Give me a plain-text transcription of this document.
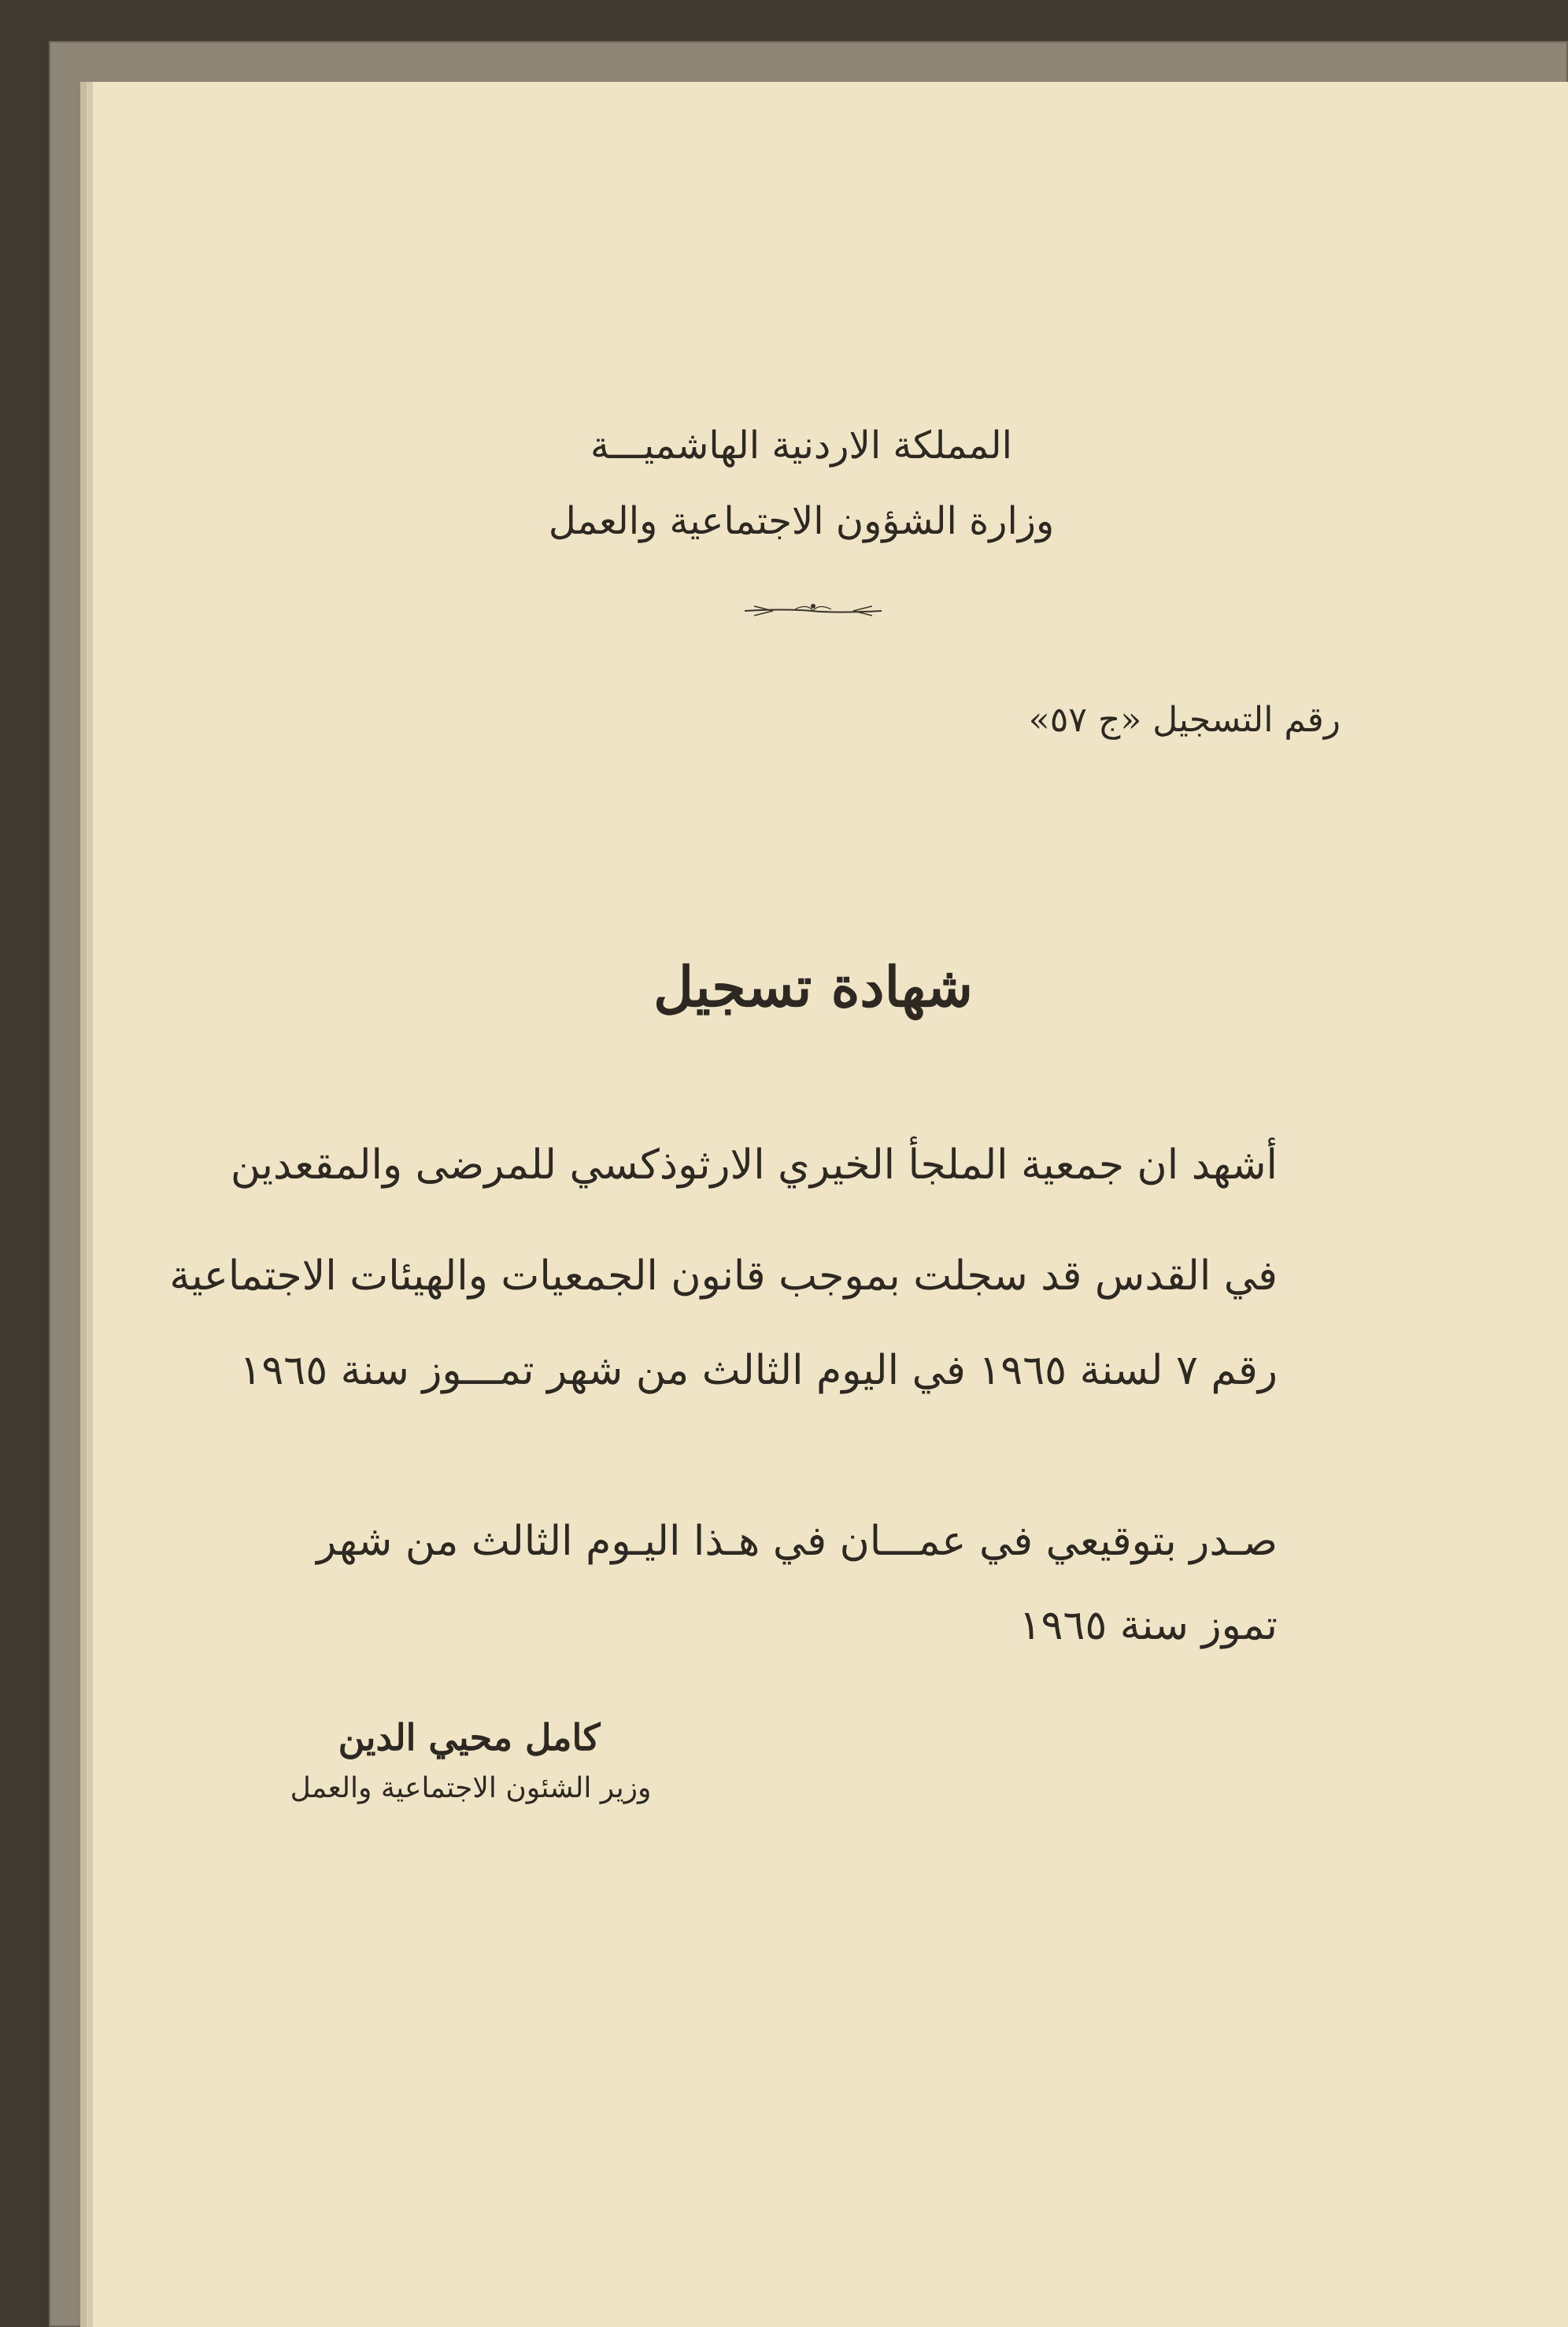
المملكة الاردنية الهاشميـــة
وزارة الشؤون الاجتماعية والعمل
رقم التسجيل «ج ٥٧»
شهادة تسجيل
أشهد ان جمعية الملجأ الخيري الارثوذكسي للمرضى والمقعدين
في القدس قد سجلت بموجب قانون الجمعيات والهيئات الاجتماعية
رقم ٧ لسنة ١٩٦٥ في اليوم الثالث من شهر تمـــوز سنة ١٩٦٥
صـدر بتوقيعي في عمـــان في هـذا اليـوم الثالث من شهر
تموز سنة ١٩٦٥
كامل محيي الدين
وزير الشئون الاجتماعية والعمل
